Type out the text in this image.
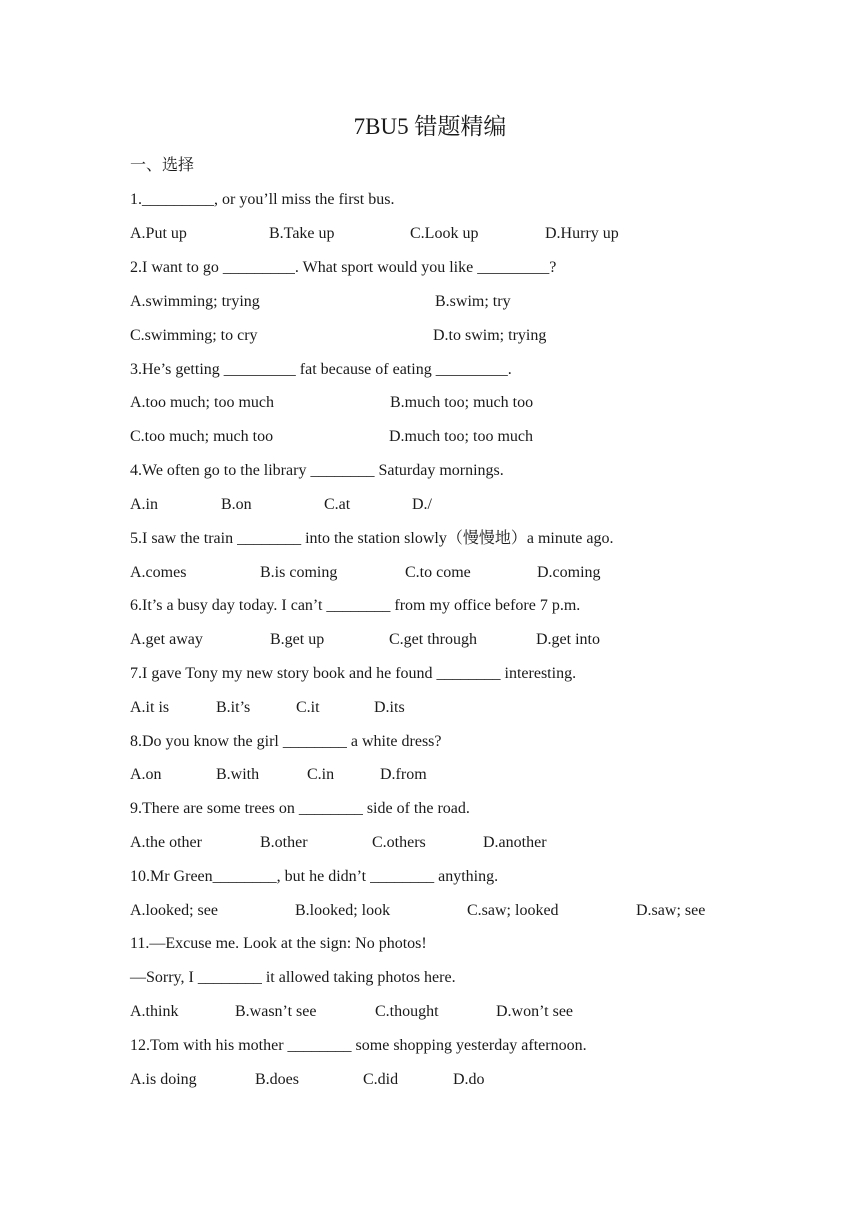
7BU5 错题精编
一、选择
1._________, or you’ll miss the first bus.
A.Put up	B.Take up	C.Look up	D.Hurry up
2.I want to go _________. What sport would you like _________?
A.swimming; trying	B.swim; try
C.swimming; to cry	D.to swim; trying
3.He’s getting _________ fat because of eating _________.
A.too much; too much	B.much too; much too
C.too much; much too	D.much too; too much
4.We often go to the library ________ Saturday mornings.
A.in	B.on	C.at	D./
5.I saw the train ________ into the station slowly（慢慢地）a minute ago.
A.comes	B.is coming	C.to come	D.coming
6.It’s a busy day today. I can’t ________ from my office before 7 p.m.
A.get away	B.get up	C.get through	D.get into
7.I gave Tony my new story book and he found ________ interesting.
A.it is	B.it’s	C.it	D.its
8.Do you know the girl ________ a white dress?
A.on	B.with	C.in	D.from
9.There are some trees on ________ side of the road.
A.the other	B.other	C.others	D.another
10.Mr Green________, but he didn’t ________ anything.
A.looked; see	B.looked; look	C.saw; looked	D.saw; see
11.—Excuse me. Look at the sign: No photos!
—Sorry, I ________ it allowed taking photos here.
A.think	B.wasn’t see	C.thought	D.won’t see
12.Tom with his mother ________ some shopping yesterday afternoon.
A.is doing	B.does	C.did	D.do
